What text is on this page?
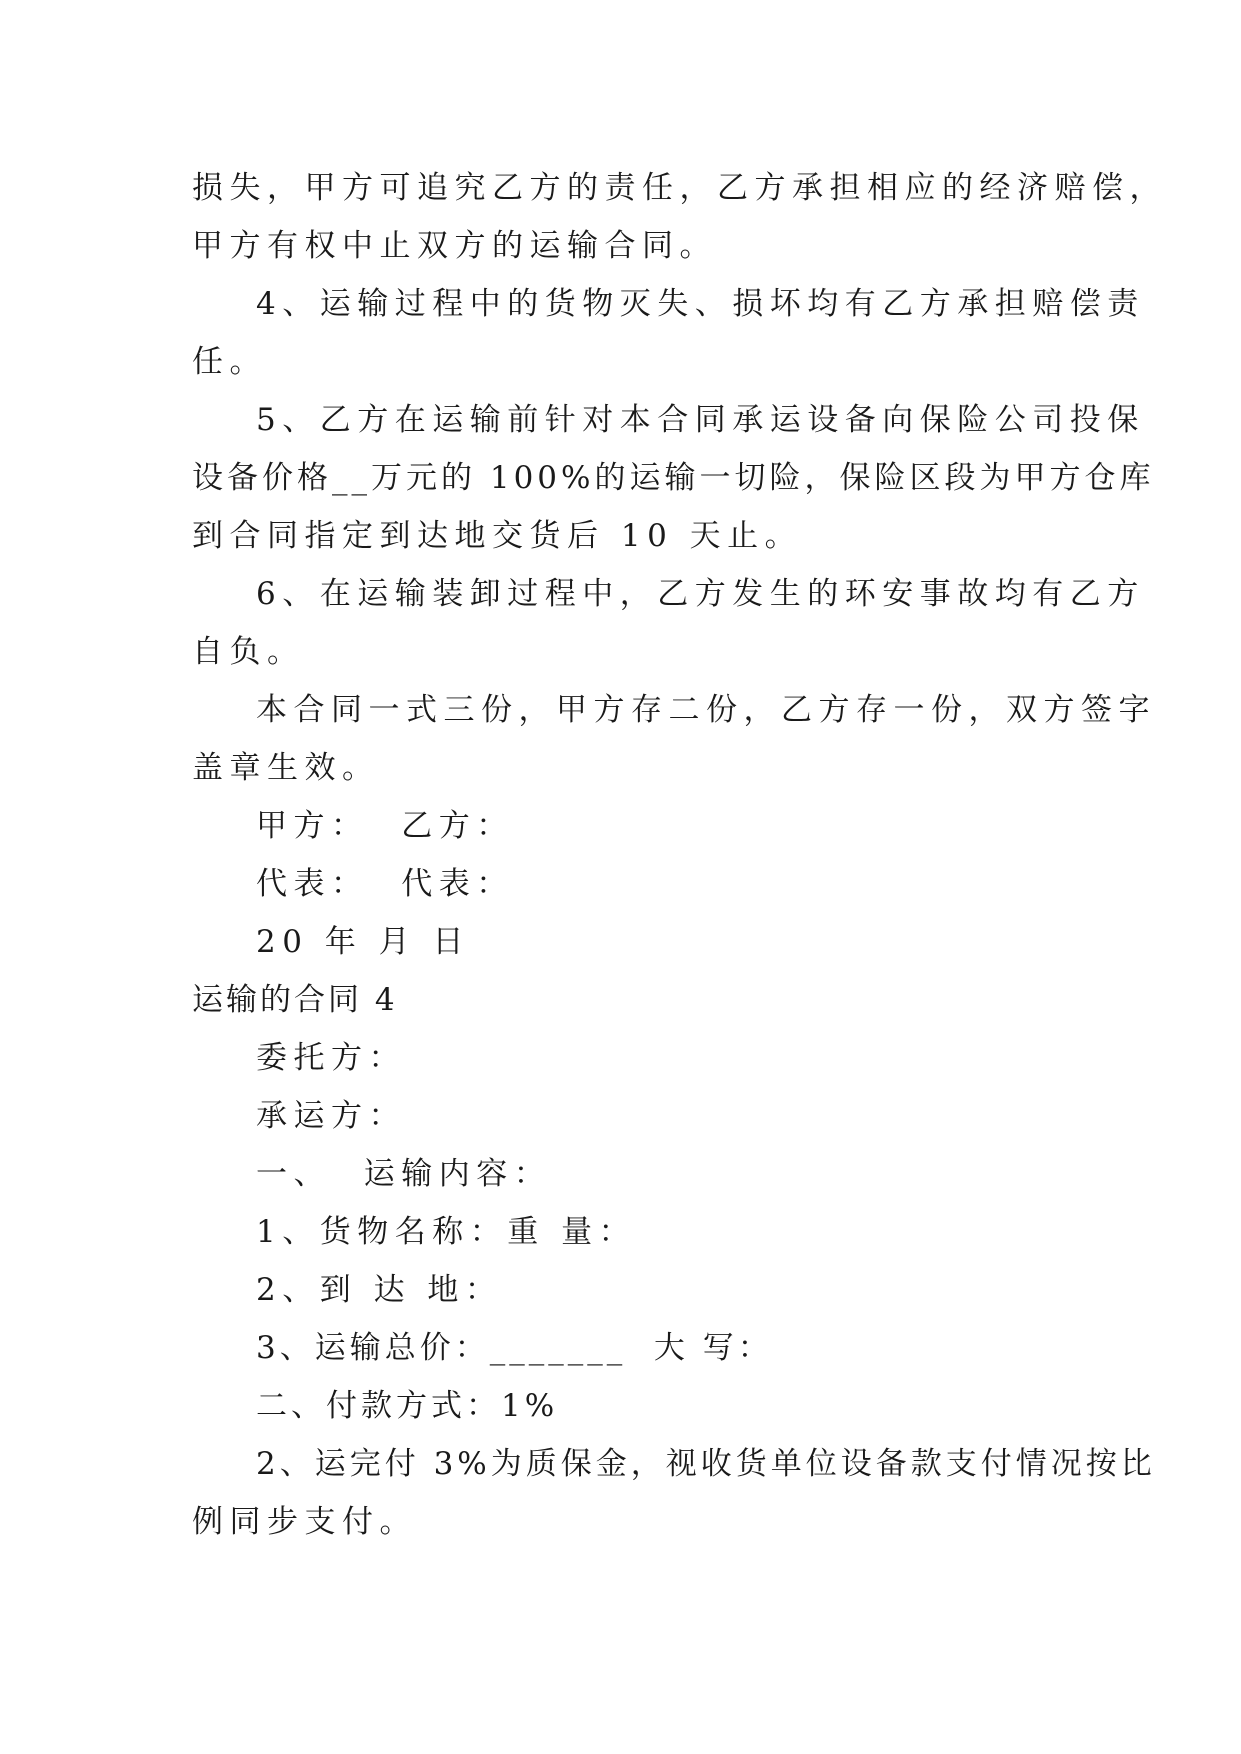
损失，甲方可追究乙方的责任，乙方承担相应的经济赔偿，
甲方有权中止双方的运输合同。
4、运输过程中的货物灭失、损坏均有乙方承担赔偿责
任。
5、乙方在运输前针对本合同承运设备向保险公司投保
设备价格__万元的 100%的运输一切险，保险区段为甲方仓库
到合同指定到达地交货后 10 天止。
6、在运输装卸过程中，乙方发生的环安事故均有乙方
自负。
本合同一式三份，甲方存二份，乙方存一份，双方签字
盖章生效。
甲方：  乙方：
代表：  代表：
20 年 月 日
运输的合同 4
委托方：
承运方：
一、  运输内容：
1、货物名称：重 量：
2、到 达 地：
3、运输总价：_______  大 写：
二、付款方式：1%
2、运完付 3%为质保金，视收货单位设备款支付情况按比
例同步支付。
